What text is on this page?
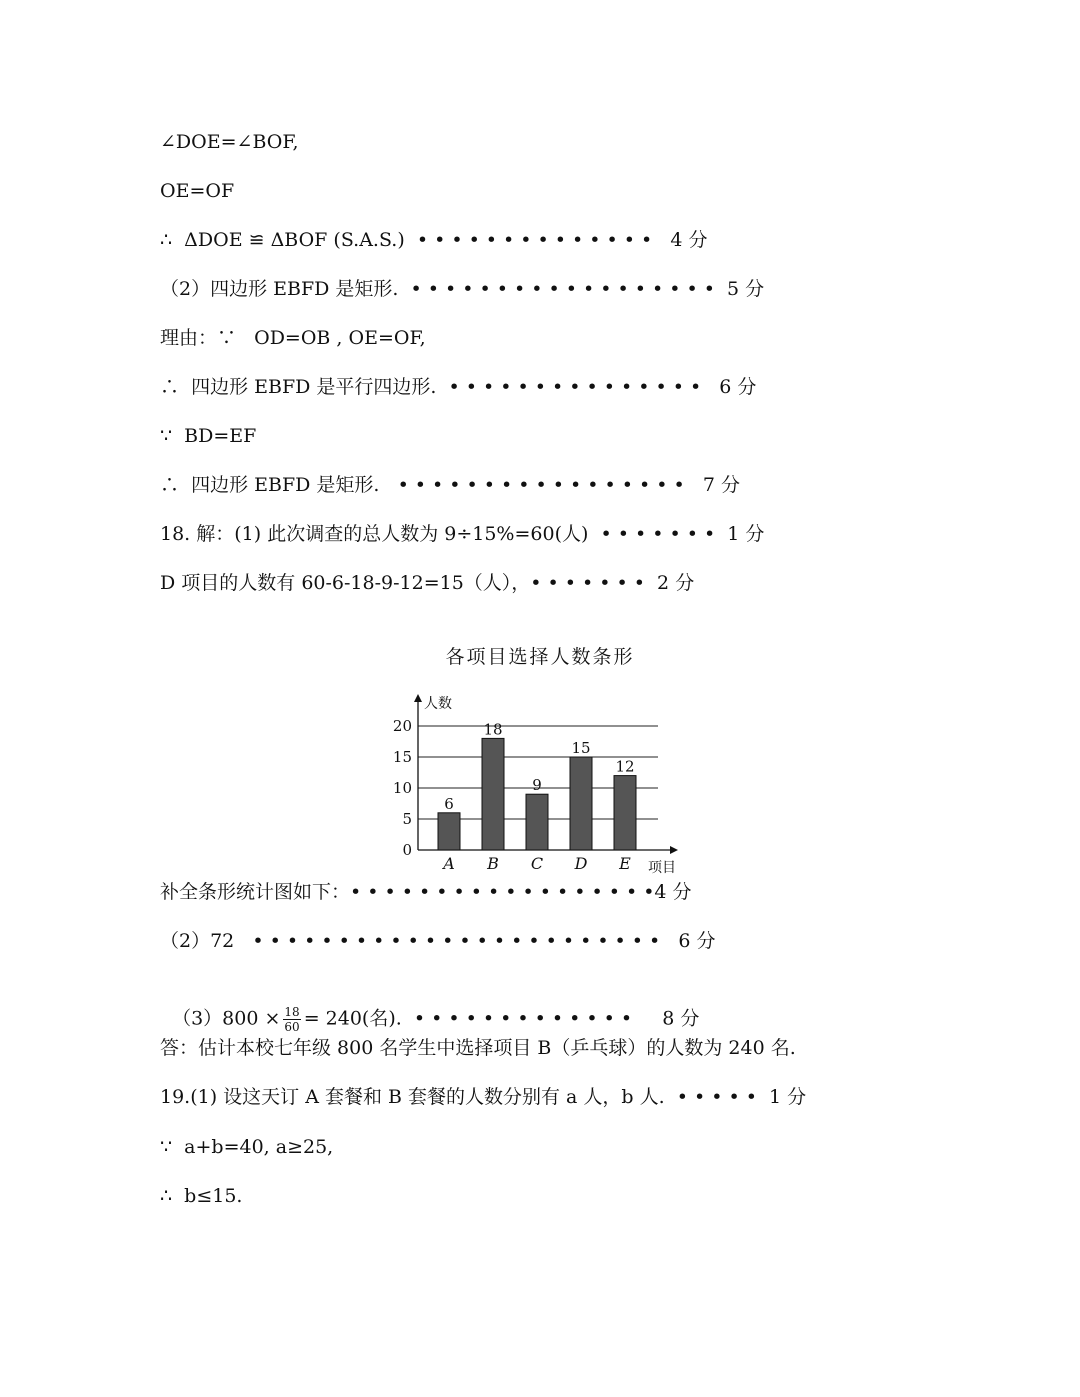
∠DOE=∠BOF,
OE=OF
∴  ΔDOE ≌ ΔBOF (S.A.S.)  • • • • • • • • • • • • • •   4 分
（2）四边形 EBFD 是矩形.  • • • • • • • • • • • • • • • • • •  5 分
理由：∵   OD=OB , OE=OF,
∴  四边形 EBFD 是平行四边形.  • • • • • • • • • • • • • • •   6 分
∵  BD=EF
∴  四边形 EBFD 是矩形.   • • • • • • • • • • • • • • • • •   7 分
18. 解：(1) 此次调查的总人数为 9÷15%=60(人)  • • • • • • •  1 分
D 项目的人数有 60-6-18-9-12=15（人），• • • • • • •  2 分
各项目选择人数条形
0
5
10
15
20
人数
项目
6
A
18
B
9
C
15
D
12
E
补全条形统计图如下：• • • • • • • • • • • • • • • • • •4 分
（2）72   • • • • • • • • • • • • • • • • • • • • • • • •   6 分

$(3)800 \times \frac{18}{60} = 240$(名).  • • • • • • • • • • • • •     8 分

答：估计本校七年级 800 名学生中选择项目 B（乒乓球）的人数为 240 名.
19.(1) 设这天订 A 套餐和 B 套餐的人数分别有 a 人，b 人.  • • • • •  1 分
∵  a+b=40, a≥25,
∴  b≤15.
